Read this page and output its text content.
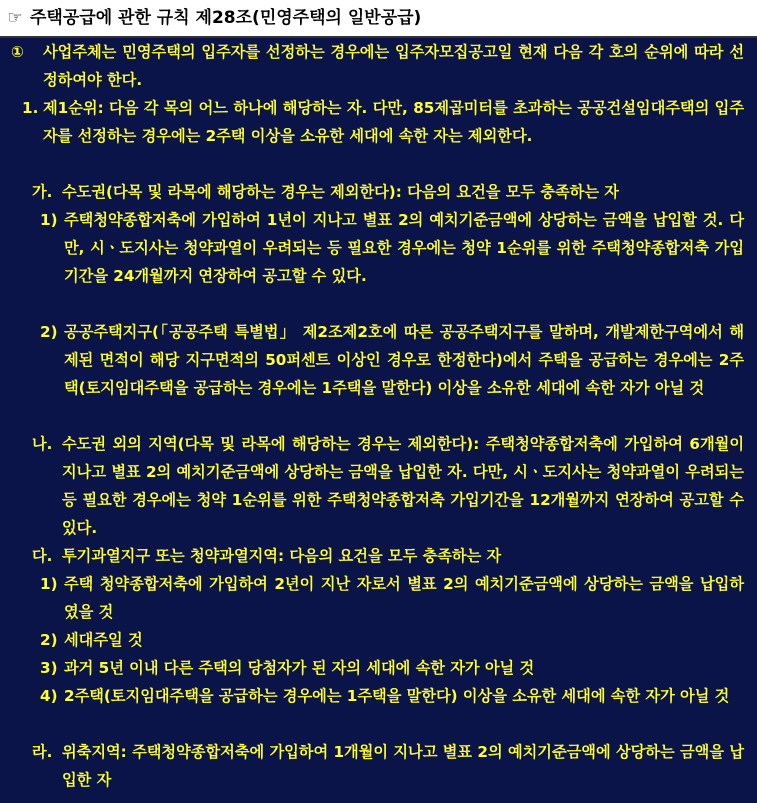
☞ 주택공급에 관한 규칙 제28조(민영주택의 일반공급)
① 사업주체는 민영주택의 입주자를 선정하는 경우에는 입주자모집공고일 현재 다음 각 호의 순위에 따라 선정하여야 한다.
1. 제1순위: 다음 각 목의 어느 하나에 해당하는 자. 다만, 85제곱미터를 초과하는 공공건설임대주택의 입주자를 선정하는 경우에는 2주택 이상을 소유한 세대에 속한 자는 제외한다.
가. 수도권(다목 및 라목에 해당하는 경우는 제외한다): 다음의 요건을 모두 충족하는 자
1) 주택청약종합저축에 가입하여 1년이 지나고 별표 2의 예치기준금액에 상당하는 금액을 납입할 것. 다만, 시ㆍ도지사는 청약과열이 우려되는 등 필요한 경우에는 청약 1순위를 위한 주택청약종합저축 가입기간을 24개월까지 연장하여 공고할 수 있다.
2) 공공주택지구(「공공주택 특별법」 제2조제2호에 따른 공공주택지구를 말하며, 개발제한구역에서 해제된 면적이 해당 지구면적의 50퍼센트 이상인 경우로 한정한다)에서 주택을 공급하는 경우에는 2주택(토지임대주택을 공급하는 경우에는 1주택을 말한다) 이상을 소유한 세대에 속한 자가 아닐 것
나. 수도권 외의 지역(다목 및 라목에 해당하는 경우는 제외한다): 주택청약종합저축에 가입하여 6개월이 지나고 별표 2의 예치기준금액에 상당하는 금액을 납입한 자. 다만, 시ㆍ도지사는 청약과열이 우려되는 등 필요한 경우에는 청약 1순위를 위한 주택청약종합저축 가입기간을 12개월까지 연장하여 공고할 수 있다.
다. 투기과열지구 또는 청약과열지역: 다음의 요건을 모두 충족하는 자
1) 주택 청약종합저축에 가입하여 2년이 지난 자로서 별표 2의 예치기준금액에 상당하는 금액을 납입하였을 것
2) 세대주일 것
3) 과거 5년 이내 다른 주택의 당첨자가 된 자의 세대에 속한 자가 아닐 것
4) 2주택(토지임대주택을 공급하는 경우에는 1주택을 말한다) 이상을 소유한 세대에 속한 자가 아닐 것
라. 위축지역: 주택청약종합저축에 가입하여 1개월이 지나고 별표 2의 예치기준금액에 상당하는 금액을 납입한 자
